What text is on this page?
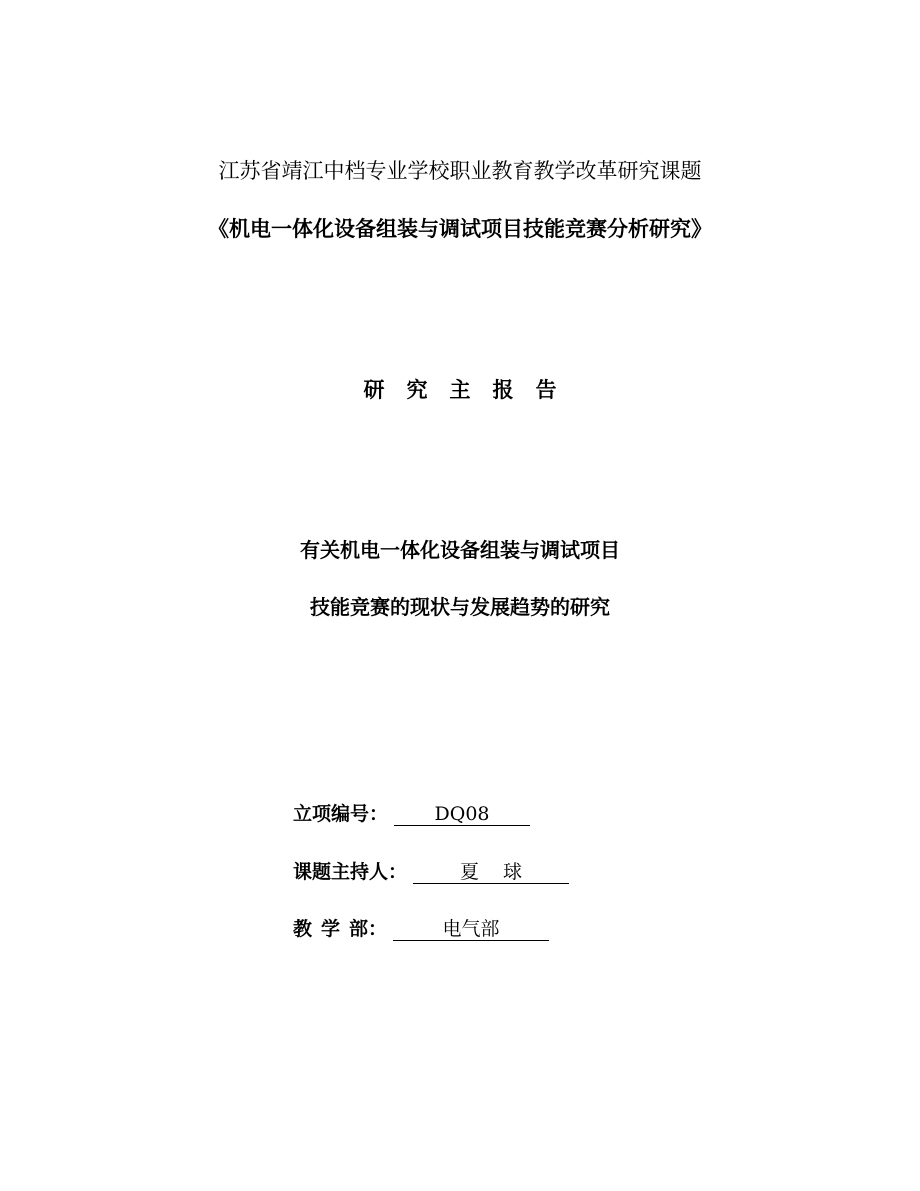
江苏省靖江中档专业学校职业教育教学改革研究课题
《机电一体化设备组装与调试项目技能竞赛分析研究》
研 究 主 报 告
有关机电一体化设备组装与调试项目
技能竞赛的现状与发展趋势的研究
立项编号： DQ08
课题主持人：	夏 球
教 学 部：	电气部
